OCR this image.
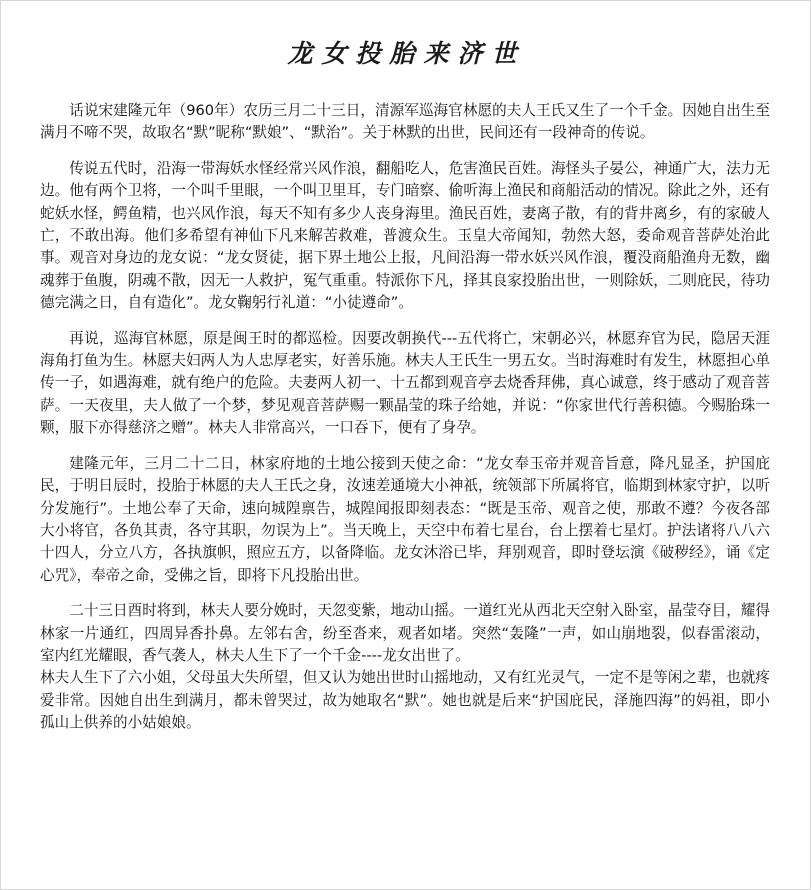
龙女投胎来济世

话说宋建隆元年（960年）农历三月二十三日，清源军巡海官林愿的夫人王氏又生了一个千金。因她自出生至满月不啼不哭，故取名“默”昵称“默娘”、“默治”。关于林默的出世，民间还有一段神奇的传说。

传说五代时，沿海一带海妖水怪经常兴风作浪，翻船吃人，危害渔民百姓。海怪头子晏公，神通广大，法力无边。他有两个卫将，一个叫千里眼，一个叫卫里耳，专门暗察、偷听海上渔民和商船活动的情况。除此之外，还有蛇妖水怪，鳄鱼精，也兴风作浪，每天不知有多少人丧身海里。渔民百姓，妻离子散，有的背井离乡，有的家破人亡，不敢出海。他们多希望有神仙下凡来解苦救难，普渡众生。玉皇大帝闻知，勃然大怒，委命观音菩萨处治此事。观音对身边的龙女说：“龙女贤徒，据下界土地公上报，凡间沿海一带水妖兴风作浪，覆没商船渔舟无数，幽魂葬于鱼腹，阴魂不散，因无一人救护，冤气重重。特派你下凡，择其良家投胎出世，一则除妖，二则庇民，待功德完满之日，自有造化”。龙女鞠躬行礼道：“小徒遵命”。

再说，巡海官林愿，原是闽王时的都巡检。因要改朝换代---五代将亡，宋朝必兴，林愿弃官为民，隐居天涯海角打鱼为生。林愿夫妇两人为人忠厚老实，好善乐施。林夫人王氏生一男五女。当时海难时有发生，林愿担心单传一子，如遇海难，就有绝户的危险。夫妻两人初一、十五都到观音亭去烧香拜佛，真心诚意，终于感动了观音菩萨。一天夜里，夫人做了一个梦，梦见观音菩萨赐一颗晶莹的珠子给她，并说：“你家世代行善积德。今赐胎珠一颗，服下亦得慈济之赠”。林夫人非常高兴，一口吞下，便有了身孕。

建隆元年，三月二十二日，林家府地的土地公接到天使之命：“龙女奉玉帝并观音旨意，降凡显圣，护国庇民，于明日辰时，投胎于林愿的夫人王氏之身，汝速差通境大小神祇，统领部下所属将官，临期到林家守护，以听分发施行”。土地公奉了天命，速向城隍禀告，城隍闻报即刻表态：“既是玉帝、观音之使，那敢不遵？今夜各部大小将官，各负其责，各守其职，勿误为上”。当天晚上，天空中布着七星台，台上摆着七星灯。护法诸将八八六十四人，分立八方，各执旗帜，照应五方，以备降临。龙女沐浴已毕，拜别观音，即时登坛演《破秽经》，诵《定心咒》，奉帝之命，受佛之旨，即将下凡投胎出世。

二十三日酉时将到，林夫人要分娩时，天忽变紫，地动山摇。一道红光从西北天空射入卧室，晶莹夺目，耀得林家一片通红，四周异香扑鼻。左邻右舍，纷至沓来，观者如堵。突然“轰隆”一声，如山崩地裂，似春雷滚动，室内红光耀眼，香气袭人，林夫人生下了一个千金----龙女出世了。

林夫人生下了六小姐，父母虽大失所望，但又认为她出世时山摇地动，又有红光灵气，一定不是等闲之辈，也就疼爱非常。因她自出生到满月，都未曾哭过，故为她取名“默”。她也就是后来“护国庇民，泽施四海”的妈祖，即小孤山上供养的小姑娘娘。
